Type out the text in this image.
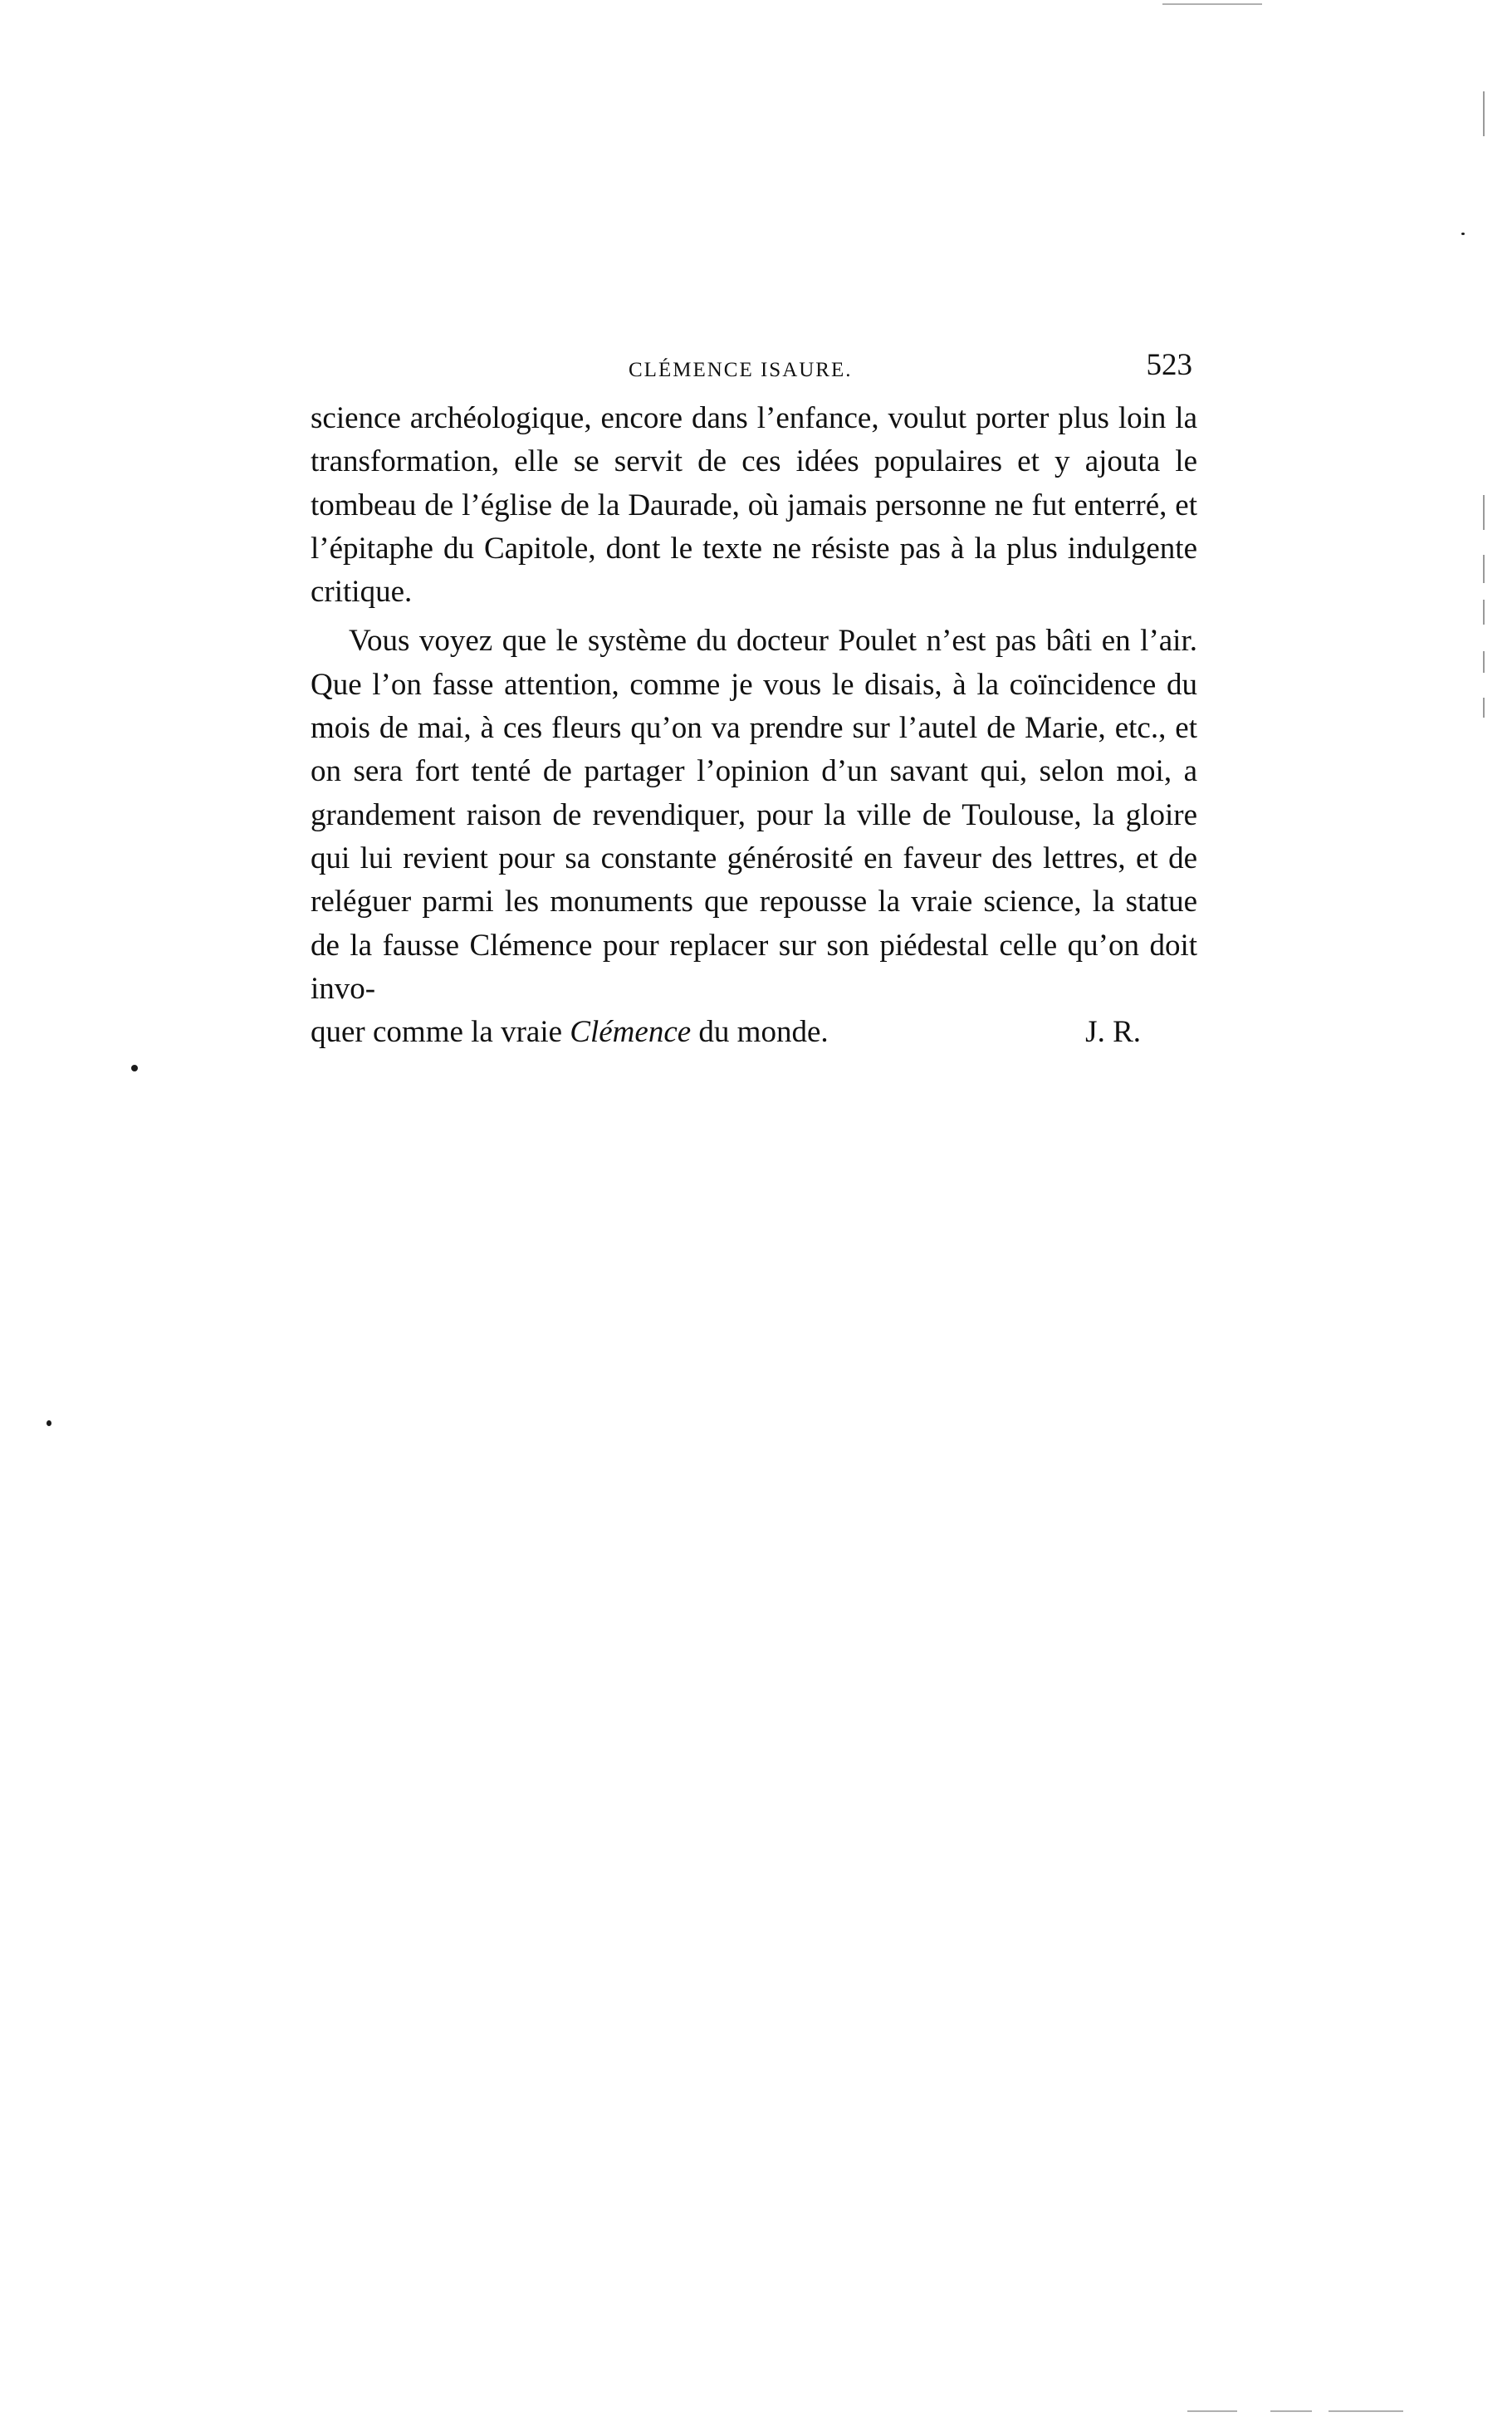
CLÉMENCE ISAURE.	523

science archéologique, encore dans l’enfance, voulut porter plus loin la transformation, elle se servit de ces idées populaires et y ajouta le tombeau de l’église de la Daurade, où jamais personne ne fut enterré, et l’épitaphe du Capitole, dont le texte ne résiste pas à la plus indulgente critique.

Vous voyez que le système du docteur Poulet n’est pas bâti en l’air. Que l’on fasse attention, comme je vous le disais, à la coïncidence du mois de mai, à ces fleurs qu’on va prendre sur l’autel de Marie, etc., et on sera fort tenté de partager l’opinion d’un savant qui, selon moi, a grandement raison de revendiquer, pour la ville de Toulouse, la gloire qui lui revient pour sa constante générosité en faveur des lettres, et de reléguer parmi les monuments que repousse la vraie science, la statue de la fausse Clémence pour replacer sur son piédestal celle qu’on doit invo-

quer comme la vraie Clémence du monde.	J. R.
